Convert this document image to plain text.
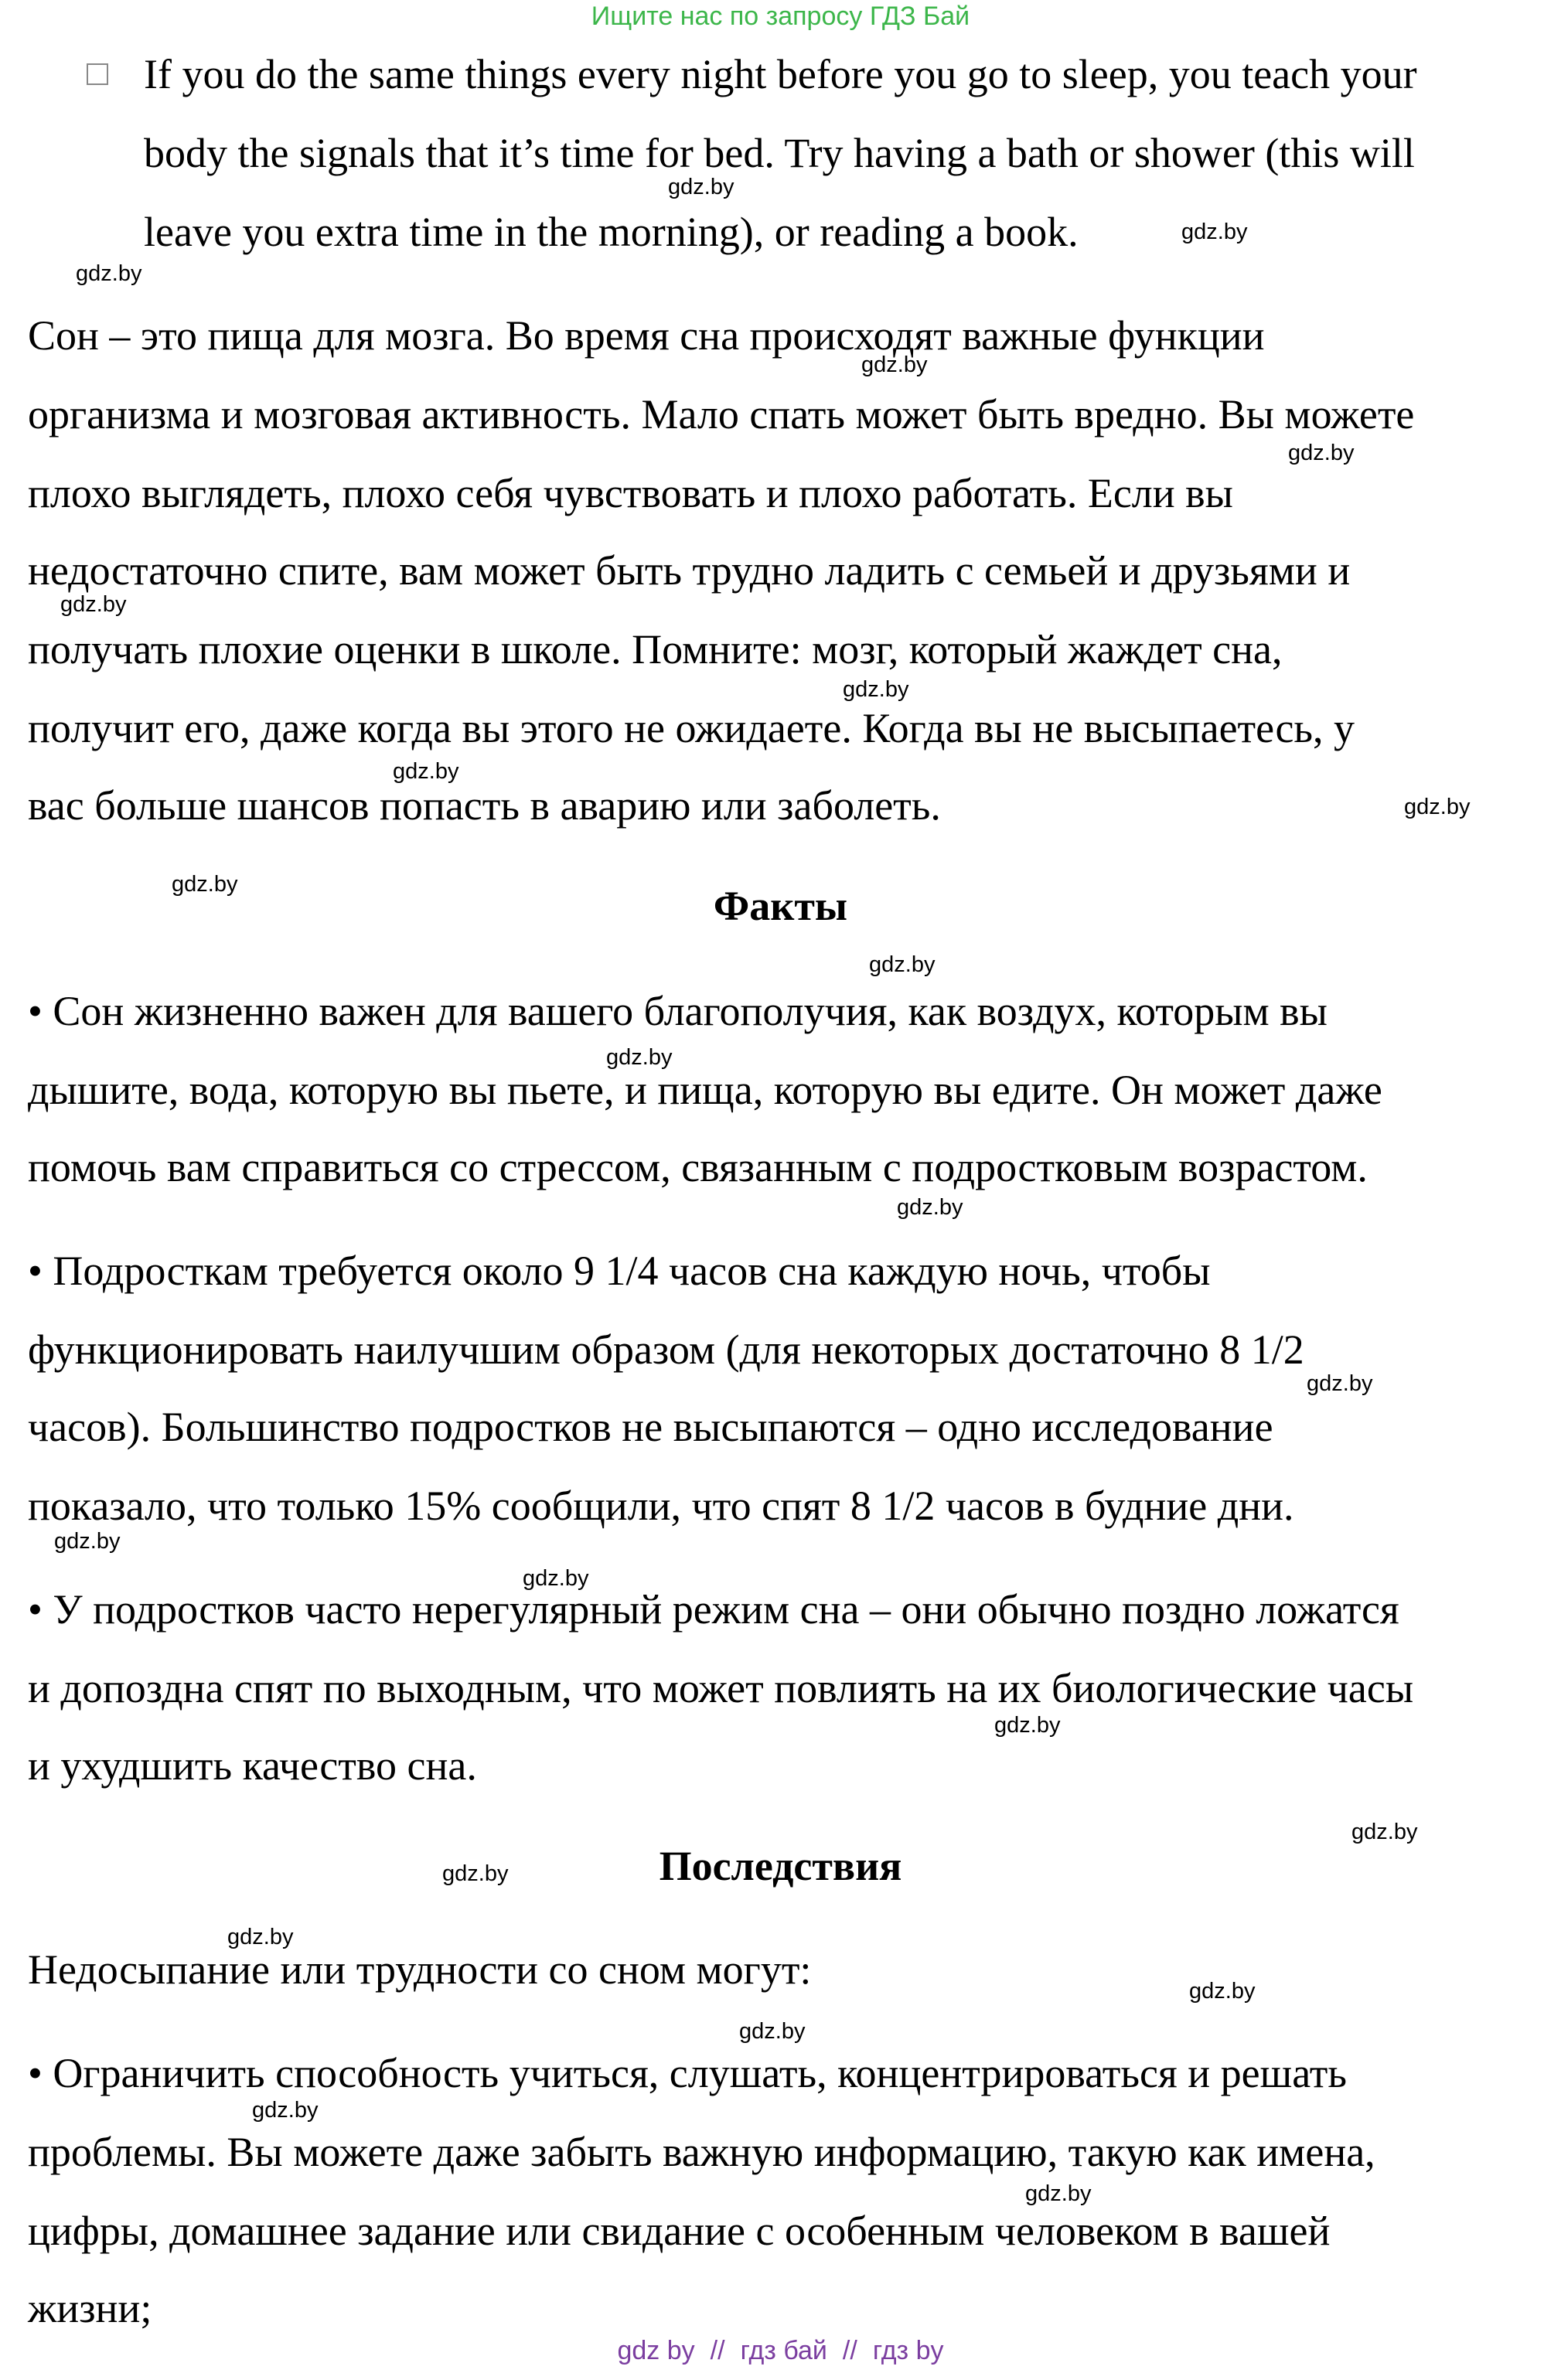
Ищите нас по запросу ГДЗ Бай
If you do the same things every night before you go to sleep, you teach your
body the signals that it’s time for bed. Try having a bath or shower (this will
leave you extra time in the morning), or reading a book.
Сон – это пища для мозга. Во время сна происходят важные функции
организма и мозговая активность. Мало спать может быть вредно. Вы можете
плохо выглядеть, плохо себя чувствовать и плохо работать. Если вы
недостаточно спите, вам может быть трудно ладить с семьей и друзьями и
получать плохие оценки в школе. Помните: мозг, который жаждет сна,
получит его, даже когда вы этого не ожидаете. Когда вы не высыпаетесь, у
вас больше шансов попасть в аварию или заболеть.
Факты
• Сон жизненно важен для вашего благополучия, как воздух, которым вы
дышите, вода, которую вы пьете, и пища, которую вы едите. Он может даже
помочь вам справиться со стрессом, связанным с подростковым возрастом.
• Подросткам требуется около 9 1/4 часов сна каждую ночь, чтобы
функционировать наилучшим образом (для некоторых достаточно 8 1/2
часов). Большинство подростков не высыпаются – одно исследование
показало, что только 15% сообщили, что спят 8 1/2 часов в будние дни.
• У подростков часто нерегулярный режим сна – они обычно поздно ложатся
и допоздна спят по выходным, что может повлиять на их биологические часы
и ухудшить качество сна.
Последствия
Недосыпание или трудности со сном могут:
• Ограничить способность учиться, слушать, концентрироваться и решать
проблемы. Вы можете даже забыть важную информацию, такую как имена,
цифры, домашнее задание или свидание с особенным человеком в вашей
жизни;
gdz.by
gdz.by
gdz.by
gdz.by
gdz.by
gdz.by
gdz.by
gdz.by
gdz.by
gdz.by
gdz.by
gdz.by
gdz.by
gdz.by
gdz.by
gdz.by
gdz.by
gdz.by
gdz.by
gdz.by
gdz.by
gdz.by
gdz.by
gdz.by
gdz by // гдз бай // гдз by
